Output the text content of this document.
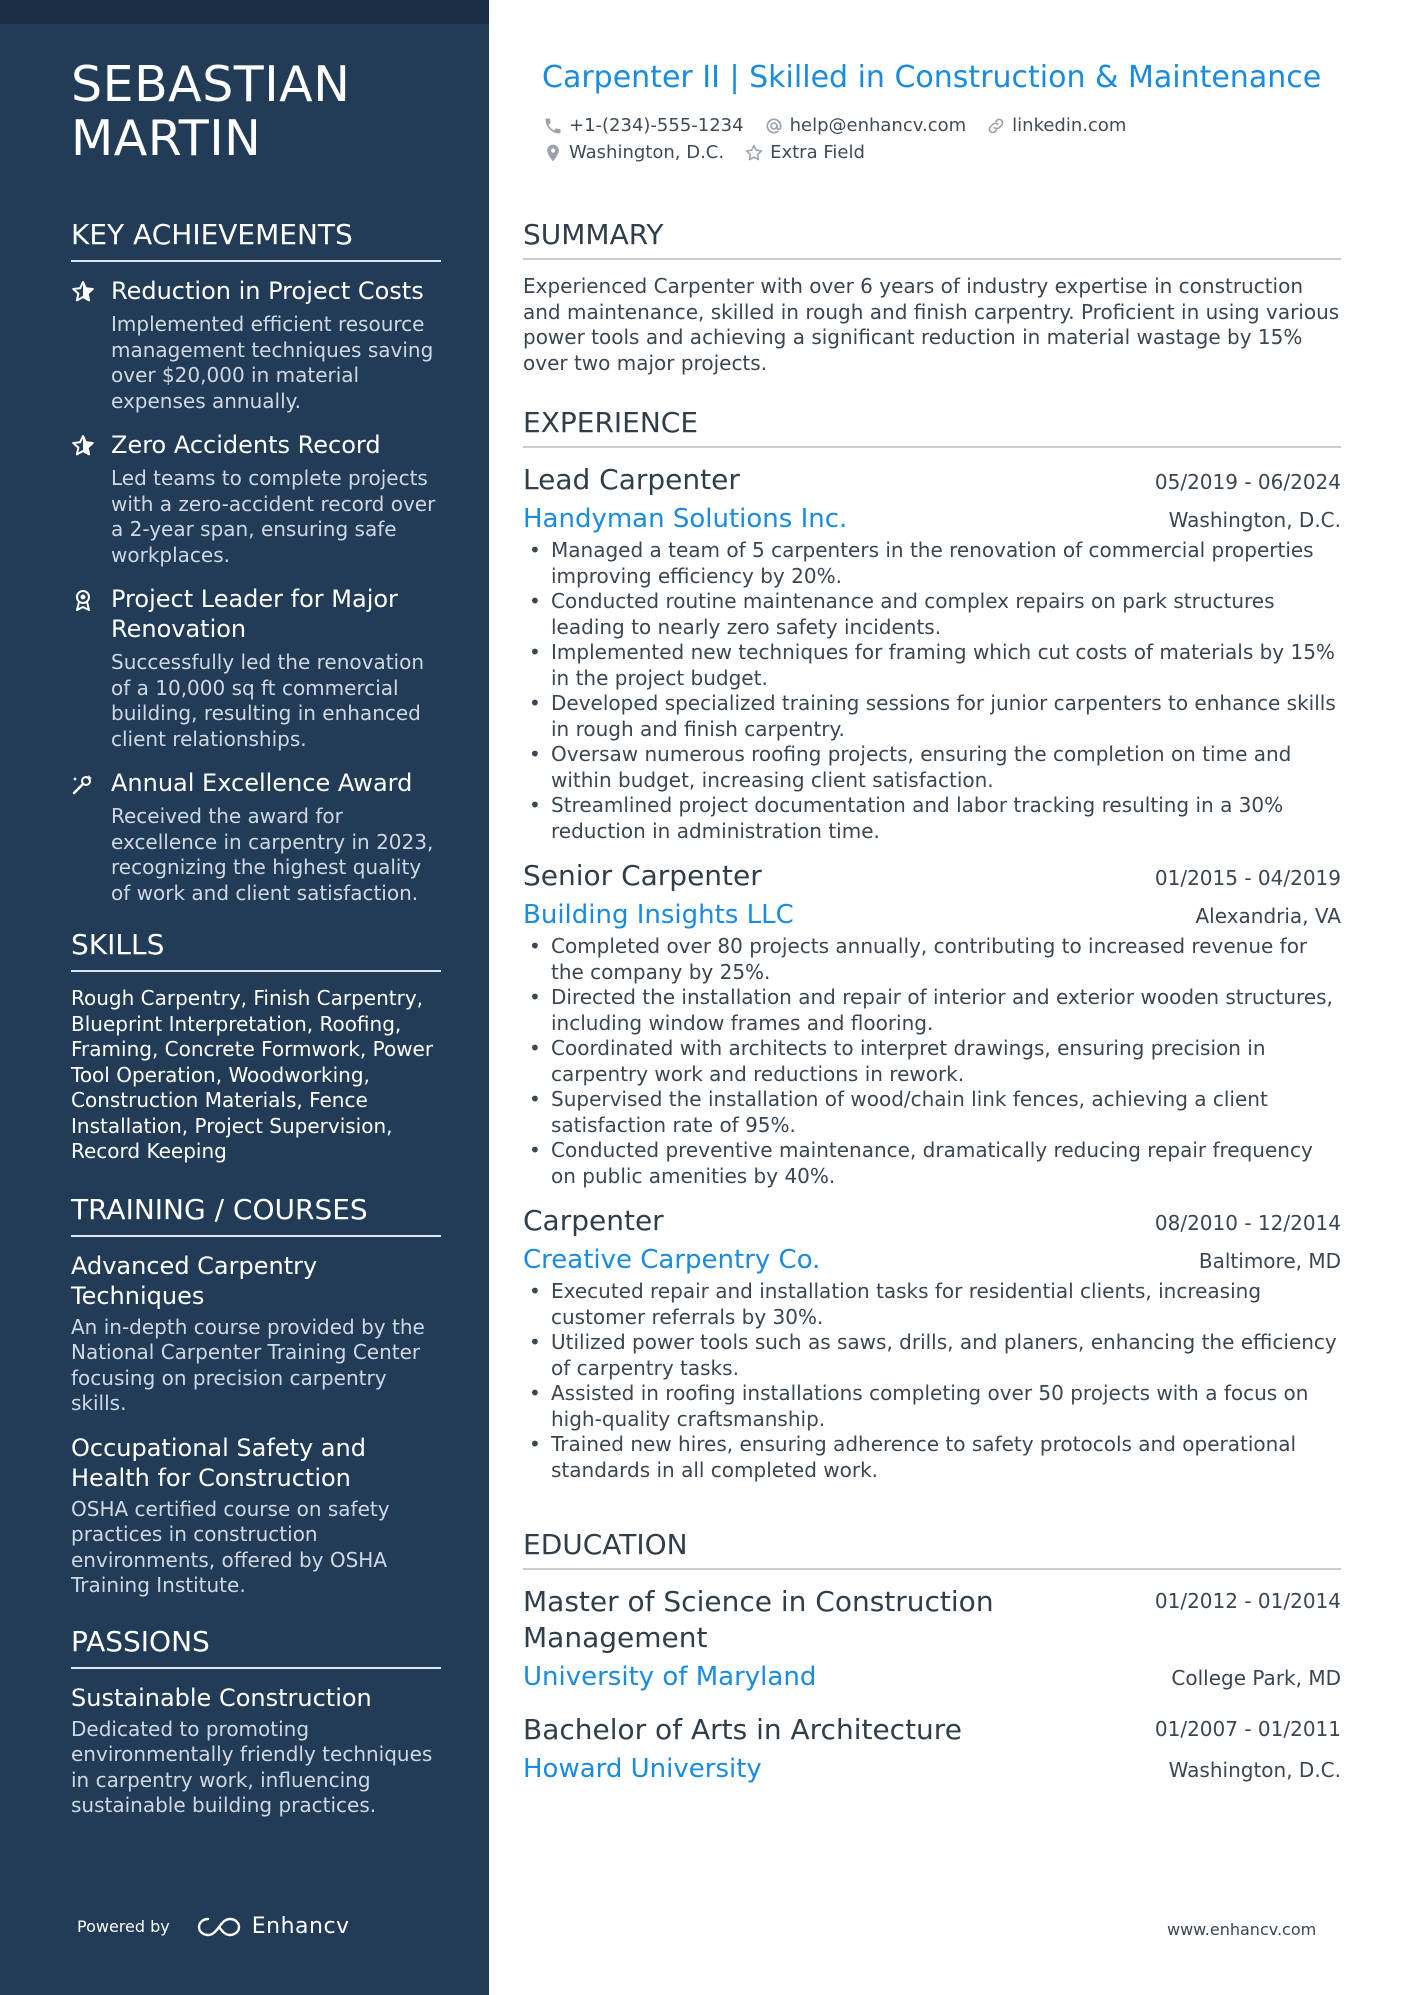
SEBASTIAN
MARTIN
KEY ACHIEVEMENTS
Reduction in Project Costs
Implemented efficient resource management techniques saving over $20,000 in material expenses annually.
Zero Accidents Record
Led teams to complete projects with a zero-accident record over a 2-year span, ensuring safe workplaces.
Project Leader for Major Renovation
Successfully led the renovation of a 10,000 sq ft commercial building, resulting in enhanced client relationships.
Annual Excellence Award
Received the award for excellence in carpentry in 2023, recognizing the highest quality of work and client satisfaction.
SKILLS
Rough Carpentry, Finish Carpentry, Blueprint Interpretation, Roofing, Framing, Concrete Formwork, Power Tool Operation, Woodworking, Construction Materials, Fence Installation, Project Supervision, Record Keeping
TRAINING / COURSES
Advanced Carpentry Techniques
An in-depth course provided by the National Carpenter Training Center focusing on precision carpentry skills.
Occupational Safety and Health for Construction
OSHA certified course on safety practices in construction environments, offered by OSHA Training Institute.
PASSIONS
Sustainable Construction
Dedicated to promoting environmentally friendly techniques in carpentry work, influencing sustainable building practices.
Powered by	Enhancv
Carpenter II | Skilled in Construction & Maintenance
+1-(234)-555-1234	help@enhancv.com	linkedin.com
Washington, D.C.	Extra Field
SUMMARY

Experienced Carpenter with over 6 years of industry expertise in construction and maintenance, skilled in rough and finish carpentry. Proficient in using various power tools and achieving a significant reduction in material wastage by 15% over two major projects.

EXPERIENCE
Lead Carpenter	05/2019 - 06/2024
Handyman Solutions Inc.	Washington, D.C.
• Managed a team of 5 carpenters in the renovation of commercial properties improving efficiency by 20%.
• Conducted routine maintenance and complex repairs on park structures leading to nearly zero safety incidents.
• Implemented new techniques for framing which cut costs of materials by 15% in the project budget.
• Developed specialized training sessions for junior carpenters to enhance skills in rough and finish carpentry.
• Oversaw numerous roofing projects, ensuring the completion on time and within budget, increasing client satisfaction.
• Streamlined project documentation and labor tracking resulting in a 30% reduction in administration time.
Senior Carpenter	01/2015 - 04/2019
Building Insights LLC	Alexandria, VA
• Completed over 80 projects annually, contributing to increased revenue for the company by 25%.
• Directed the installation and repair of interior and exterior wooden structures, including window frames and flooring.
• Coordinated with architects to interpret drawings, ensuring precision in carpentry work and reductions in rework.
• Supervised the installation of wood/chain link fences, achieving a client satisfaction rate of 95%.
• Conducted preventive maintenance, dramatically reducing repair frequency on public amenities by 40%.
Carpenter	08/2010 - 12/2014
Creative Carpentry Co.	Baltimore, MD
• Executed repair and installation tasks for residential clients, increasing customer referrals by 30%.
• Utilized power tools such as saws, drills, and planers, enhancing the efficiency of carpentry tasks.
• Assisted in roofing installations completing over 50 projects with a focus on high-quality craftsmanship.
• Trained new hires, ensuring adherence to safety protocols and operational standards in all completed work.
EDUCATION
Master of Science in Construction Management
01/2012 - 01/2014
University of Maryland	College Park, MD
Bachelor of Arts in Architecture	01/2007 - 01/2011
Howard University	Washington, D.C.
www.enhancv.com
